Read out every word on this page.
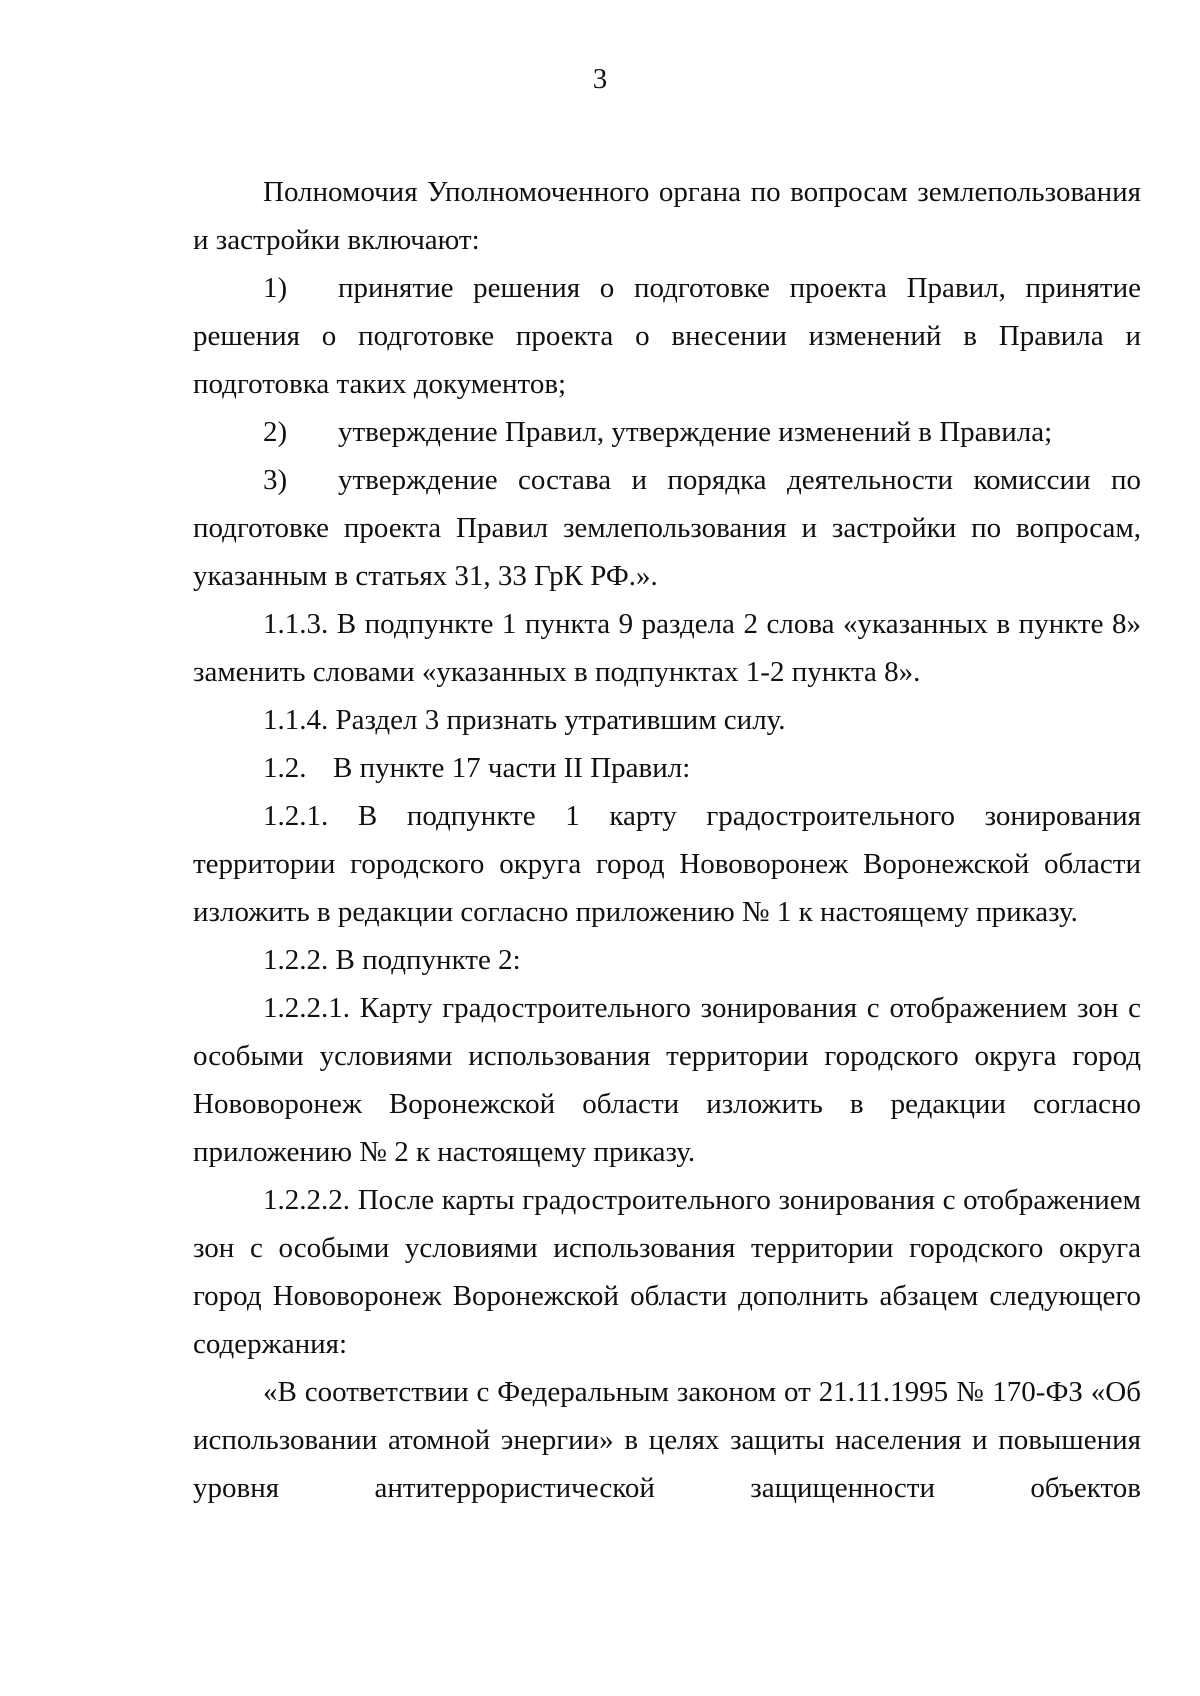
3

Полномочия Уполномоченного органа по вопросам землепользования и застройки включают:

1) принятие решения о подготовке проекта Правил, принятие решения о подготовке проекта о внесении изменений в Правила и подготовка таких документов;

2) утверждение Правил, утверждение изменений в Правила;

3) утверждение состава и порядка деятельности комиссии по подготовке проекта Правил землепользования и застройки по вопросам, указанным в статьях 31, 33 ГрК РФ.».

1.1.3. В подпункте 1 пункта 9 раздела 2 слова «указанных в пункте 8» заменить словами «указанных в подпунктах 1-2 пункта 8».

1.1.4. Раздел 3 признать утратившим силу.

1.2. В пункте 17 части II Правил:

1.2.1. В подпункте 1 карту градостроительного зонирования территории городского округа город Нововоронеж Воронежской области изложить в редакции согласно приложению № 1 к настоящему приказу.

1.2.2. В подпункте 2:

1.2.2.1. Карту градостроительного зонирования с отображением зон с особыми условиями использования территории городского округа город Нововоронеж Воронежской области изложить в редакции согласно приложению № 2 к настоящему приказу.

1.2.2.2. После карты градостроительного зонирования с отображением зон с особыми условиями использования территории городского округа город Нововоронеж Воронежской области дополнить абзацем следующего содержания:

«В соответствии с Федеральным законом от 21.11.1995 № 170-ФЗ «Об использовании атомной энергии» в целях защиты населения и повышения уровня антитеррористической защищенности объектов
